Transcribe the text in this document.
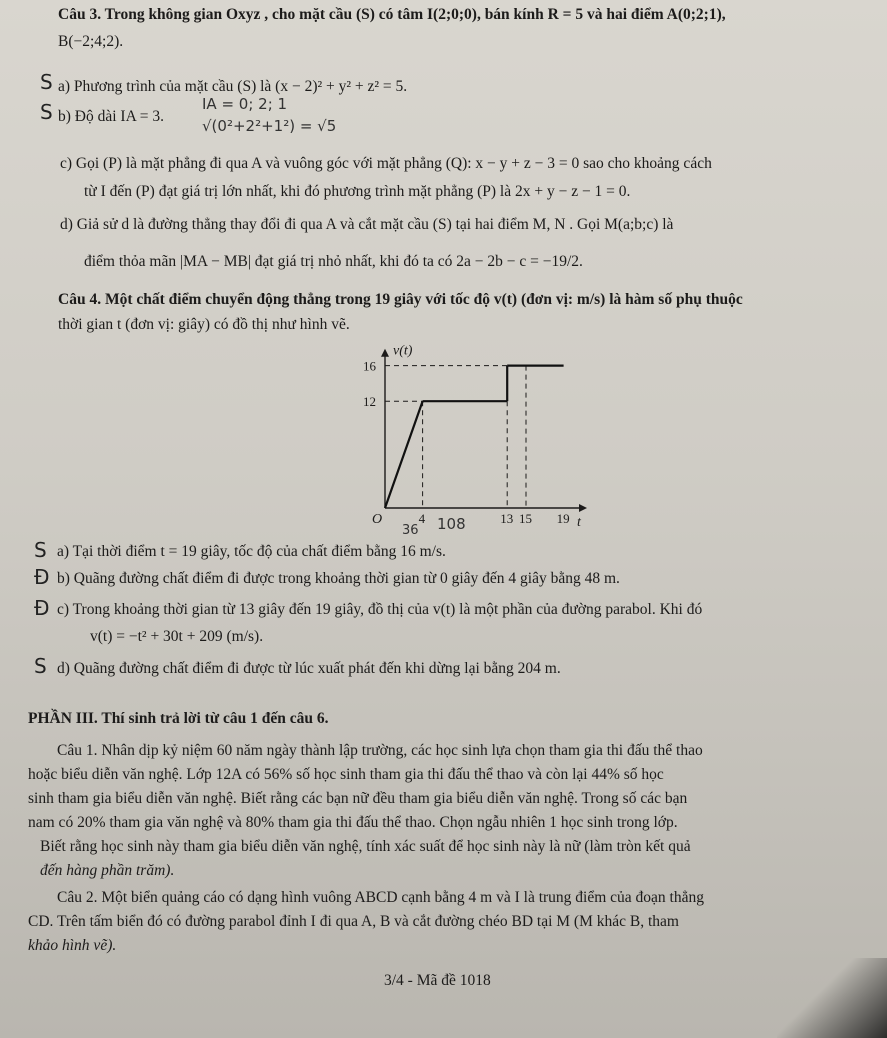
Câu 3. Trong không gian Oxyz , cho mặt cầu (S) có tâm I(2;0;0), bán kính R = 5 và hai điểm A(0;2;1),
B(−2;4;2).
S a) Phương trình của mặt cầu (S) là (x − 2)² + y² + z² = 5.
S b) Độ dài IA = 3.
IA = 0; 2; 1
√(0²+2²+1²) = √5
c) Gọi (P) là mặt phẳng đi qua A và vuông góc với mặt phẳng (Q): x − y + z − 3 = 0 sao cho khoảng cách
từ I đến (P) đạt giá trị lớn nhất, khi đó phương trình mặt phẳng (P) là 2x + y − z − 1 = 0.
d) Giả sử d là đường thẳng thay đổi đi qua A và cắt mặt cầu (S) tại hai điểm M, N . Gọi M(a;b;c) là
điểm thỏa mãn |MA − MB| đạt giá trị nhỏ nhất, khi đó ta có 2a − 2b − c = −19/2.
Câu 4. Một chất điểm chuyển động thẳng trong 19 giây với tốc độ v(t) (đơn vị: m/s) là hàm số phụ thuộc
thời gian t (đơn vị: giây) có đồ thị như hình vẽ.
v(t)
t
O
12
16
4	13 15 19
108
36
S a) Tại thời điểm t = 19 giây, tốc độ của chất điểm bằng 16 m/s.
Đ b) Quãng đường chất điểm đi được trong khoảng thời gian từ 0 giây đến 4 giây bằng 48 m.
Đ c) Trong khoảng thời gian từ 13 giây đến 19 giây, đồ thị của v(t) là một phần của đường parabol. Khi đó
v(t) = −t² + 30t + 209 (m/s).
S d) Quãng đường chất điểm đi được từ lúc xuất phát đến khi dừng lại bằng 204 m.
PHẦN III. Thí sinh trả lời từ câu 1 đến câu 6.
Câu 1. Nhân dịp kỷ niệm 60 năm ngày thành lập trường, các học sinh lựa chọn tham gia thi đấu thể thao
hoặc biểu diễn văn nghệ. Lớp 12A có 56% số học sinh tham gia thi đấu thể thao và còn lại 44% số học
sinh tham gia biểu diễn văn nghệ. Biết rằng các bạn nữ đều tham gia biểu diễn văn nghệ. Trong số các bạn
nam có 20% tham gia văn nghệ và 80% tham gia thi đấu thể thao. Chọn ngẫu nhiên 1 học sinh trong lớp.
Biết rằng học sinh này tham gia biểu diễn văn nghệ, tính xác suất để học sinh này là nữ (làm tròn kết quả
đến hàng phần trăm).
Câu 2. Một biển quảng cáo có dạng hình vuông ABCD cạnh bằng 4 m và I là trung điểm của đoạn thẳng
CD. Trên tấm biển đó có đường parabol đỉnh I đi qua A, B và cắt đường chéo BD tại M (M khác B, tham
khảo hình vẽ).
3/4 - Mã đề 1018
